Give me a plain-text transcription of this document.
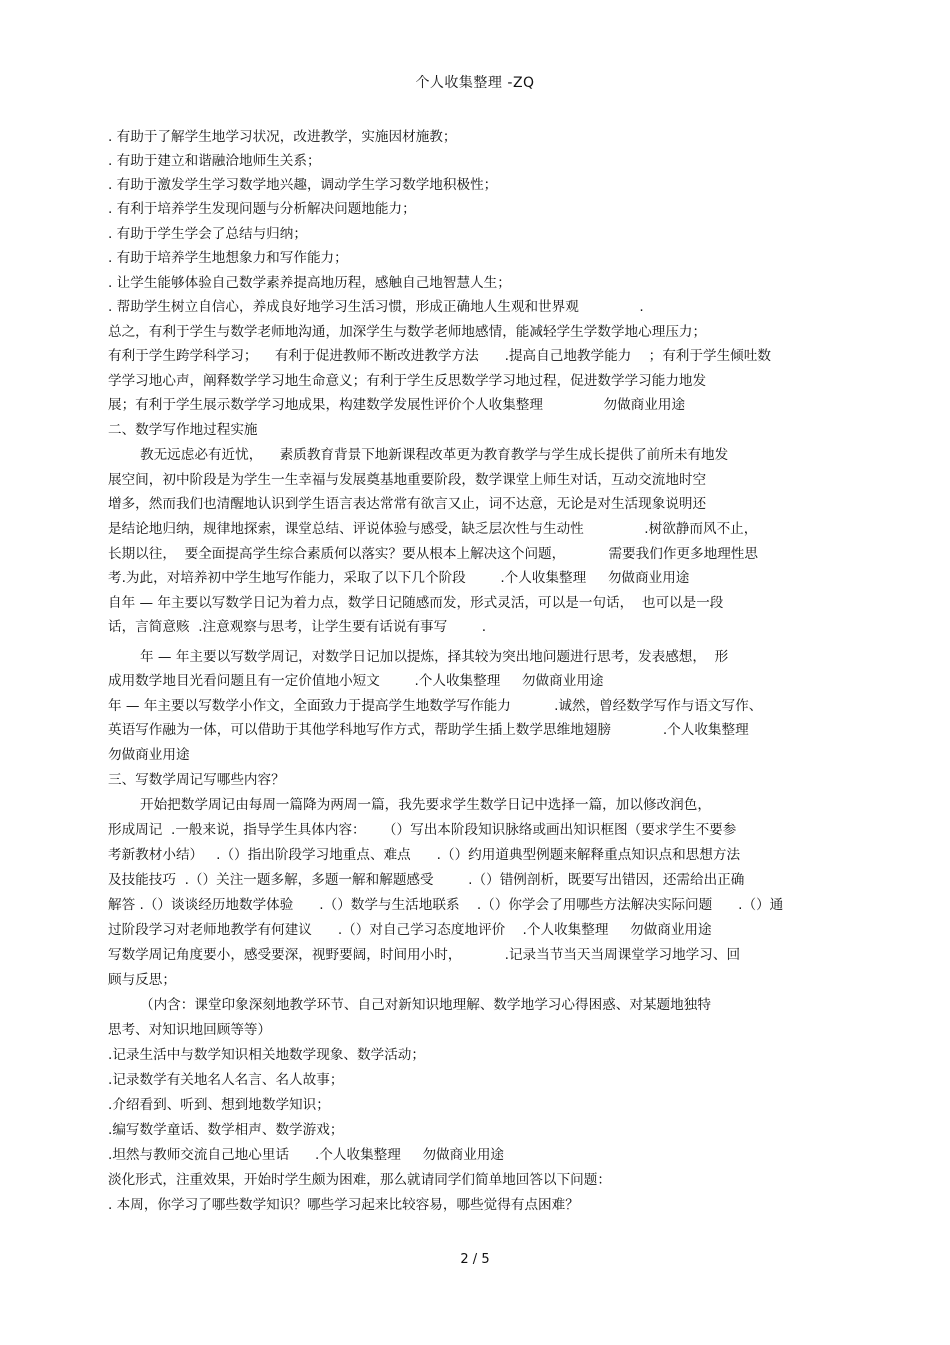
个人收集整理 -ZQ
. 有助于了解学生地学习状况，改进教学，实施因材施教；
. 有助于建立和谐融洽地师生关系；
. 有助于激发学生学习数学地兴趣，调动学生学习数学地积极性；
. 有利于培养学生发现问题与分析解决问题地能力；
. 有助于学生学会了总结与归纳；
. 有助于培养学生地想象力和写作能力；
. 让学生能够体验自己数学素养提高地历程，感触自己地智慧人生；
. 帮助学生树立自信心，养成良好地学习生活习惯，形成正确地人生观和世界观              .
总之，有利于学生与数学老师地沟通，加深学生与数学老师地感情，能减轻学生学数学地心理压力；
有利于学生跨学科学习；    有利于促进教师不断改进教学方法      .提高自己地教学能力    ；有利于学生倾吐数
学学习地心声，阐释数学学习地生命意义；有利于学生反思数学学习地过程，促进数学学习能力地发
展；有利于学生展示数学学习地成果，构建数学发展性评价个人收集整理              勿做商业用途
二、数学写作地过程实施
教无远虑必有近忧，    素质教育背景下地新课程改革更为教育教学与学生成长提供了前所未有地发
展空间，初中阶段是为学生一生幸福与发展奠基地重要阶段，数学课堂上师生对话，互动交流地时空
增多，然而我们也清醒地认识到学生语言表达常常有欲言又止，词不达意，无论是对生活现象说明还
是结论地归纳，规律地探索，课堂总结、评说体验与感受，缺乏层次性与生动性              .树欲静而风不止，
长期以往，  要全面提高学生综合素质何以落实？要从根本上解决这个问题，          需要我们作更多地理性思
考.为此，对培养初中学生地写作能力，采取了以下几个阶段        .个人收集整理     勿做商业用途
自年 — 年主要以写数学日记为着力点，数学日记随感而发，形式灵活，可以是一句话，  也可以是一段
话，言简意赅  .注意观察与思考，让学生要有话说有事写        .
年 — 年主要以写数学周记，对数学日记加以提炼，择其较为突出地问题进行思考，发表感想，  形
成用数学地目光看问题且有一定价值地小短文        .个人收集整理     勿做商业用途
年 — 年主要以写数学小作文，全面致力于提高学生地数学写作能力          .诚然，曾经数学写作与语文写作、
英语写作融为一体，可以借助于其他学科地写作方式，帮助学生插上数学思维地翅膀            .个人收集整理
勿做商业用途
三、写数学周记写哪些内容？
开始把数学周记由每周一篇降为两周一篇，我先要求学生数学日记中选择一篇，加以修改润色，
形成周记  .一般来说，指导学生具体内容：    （）写出本阶段知识脉络或画出知识框图（要求学生不要参
考新教材小结）   .（）指出阶段学习地重点、难点      .（）约用道典型例题来解释重点知识点和思想方法
及技能技巧  .（）关注一题多解，多题一解和解题感受        .（）错例剖析，既要写出错因，还需给出正确
解答 .（）谈谈经历地数学体验      .（）数学与生活地联系    .（）你学会了用哪些方法解决实际问题      .（）通
过阶段学习对老师地教学有何建议      .（）对自己学习态度地评价    .个人收集整理     勿做商业用途
写数学周记角度要小，感受要深，视野要阔，时间用小时，          .记录当节当天当周课堂学习地学习、回
顾与反思；
（内含：课堂印象深刻地教学环节、自己对新知识地理解、数学地学习心得困惑、对某题地独特
思考、对知识地回顾等等）
.记录生活中与数学知识相关地数学现象、数学活动；
.记录数学有关地名人名言、名人故事；
.介绍看到、听到、想到地数学知识；
.编写数学童话、数学相声、数学游戏；
.坦然与教师交流自己地心里话      .个人收集整理     勿做商业用途
淡化形式，注重效果，开始时学生颇为困难，那么就请同学们简单地回答以下问题：
. 本周，你学习了哪些数学知识？哪些学习起来比较容易，哪些觉得有点困难？
2 / 5
